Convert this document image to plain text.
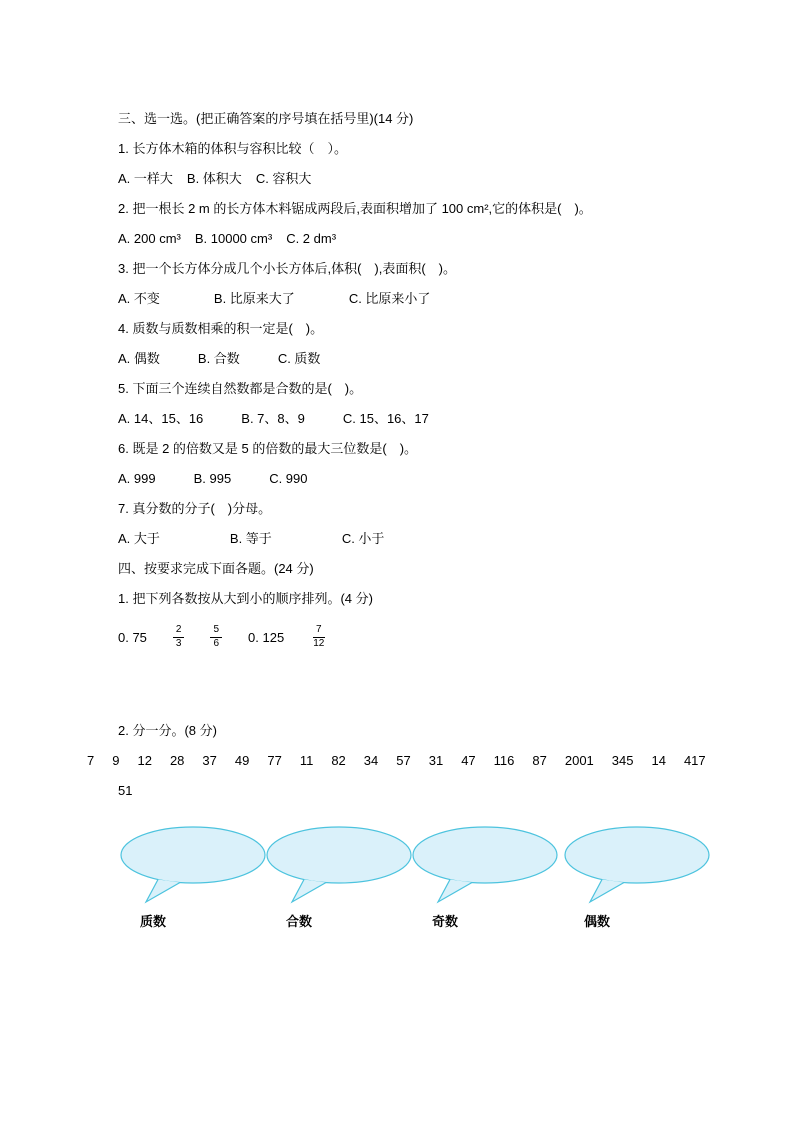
三、选一选。(把正确答案的序号填在括号里)(14 分)
1. 长方体木箱的体积与容积比较（　）。
A. 一样大 B. 体积大 C. 容积大
2. 把一根长 2 m 的长方体木料锯成两段后,表面积增加了 100 cm²,它的体积是(　)。
A. 200 cm³ B. 10000 cm³ C. 2 dm³
3. 把一个长方体分成几个小长方体后,体积(　),表面积(　)。
A. 不变	B. 比原来大了	C. 比原来小了
4. 质数与质数相乘的积一定是(　)。
A. 偶数	B. 合数	C. 质数
5. 下面三个连续自然数都是合数的是(　)。
A. 14、15、16	B. 7、8、9	C. 15、16、17
6. 既是 2 的倍数又是 5 的倍数的最大三位数是(　)。
A. 999	B. 995	C. 990
7. 真分数的分子(　)分母。
A. 大于	B. 等于	C. 小于
四、按要求完成下面各题。(24 分)
1. 把下列各数按从大到小的顺序排列。(4 分)
0. 75	$\frac{2}{3}$	$\frac{5}{6} 0$. 125	$\frac{7}{12}$
2. 分一分。(8 分)
7 9 12 28 37 49 77 11 82 34 57 31 47 116 87 2001 345 14 417
51
质数	合数	奇数	偶数
